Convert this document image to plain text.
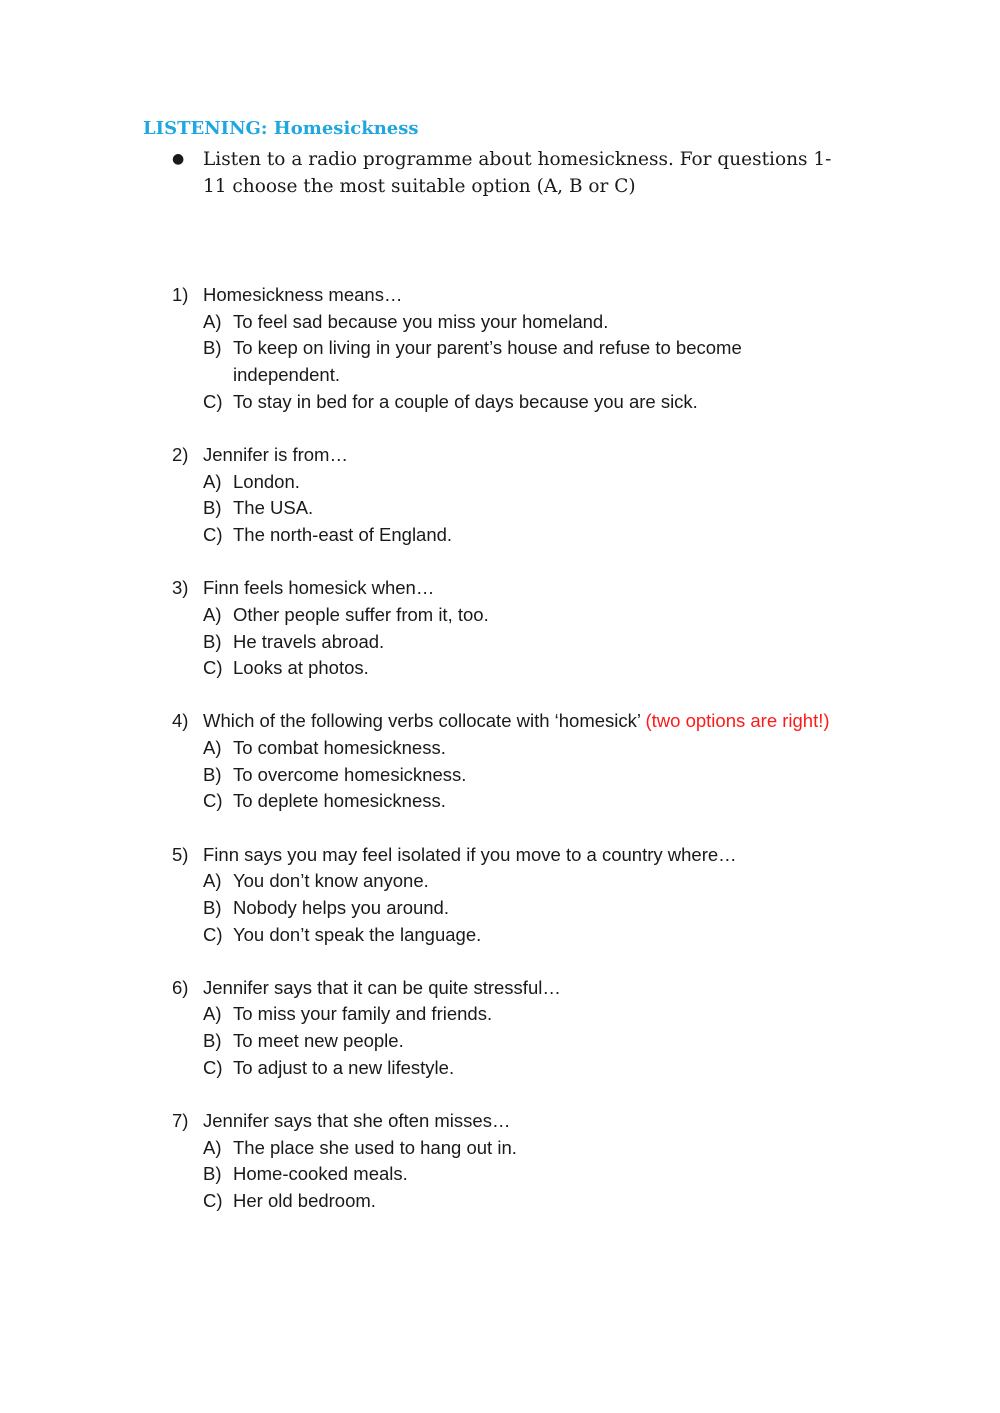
LISTENING: Homesickness
●	Listen to a radio programme about homesickness. For questions 1-11 choose the most suitable option (A, B or C)
1) Homesickness means…
A) To feel sad because you miss your homeland.
B) To keep on living in your parent’s house and refuse to become independent.
C) To stay in bed for a couple of days because you are sick.
2) Jennifer is from…
A) London.
B) The USA.
C) The north-east of England.
3) Finn feels homesick when…
A) Other people suffer from it, too.
B) He travels abroad.
C) Looks at photos.
4) Which of the following verbs collocate with ‘homesick’ (two options are right!)
A) To combat homesickness.
B) To overcome homesickness.
C) To deplete homesickness.
5) Finn says you may feel isolated if you move to a country where…
A) You don’t know anyone.
B) Nobody helps you around.
C) You don’t speak the language.
6) Jennifer says that it can be quite stressful…
A) To miss your family and friends.
B) To meet new people.
C) To adjust to a new lifestyle.
7) Jennifer says that she often misses…
A) The place she used to hang out in.
B) Home-cooked meals.
C) Her old bedroom.
